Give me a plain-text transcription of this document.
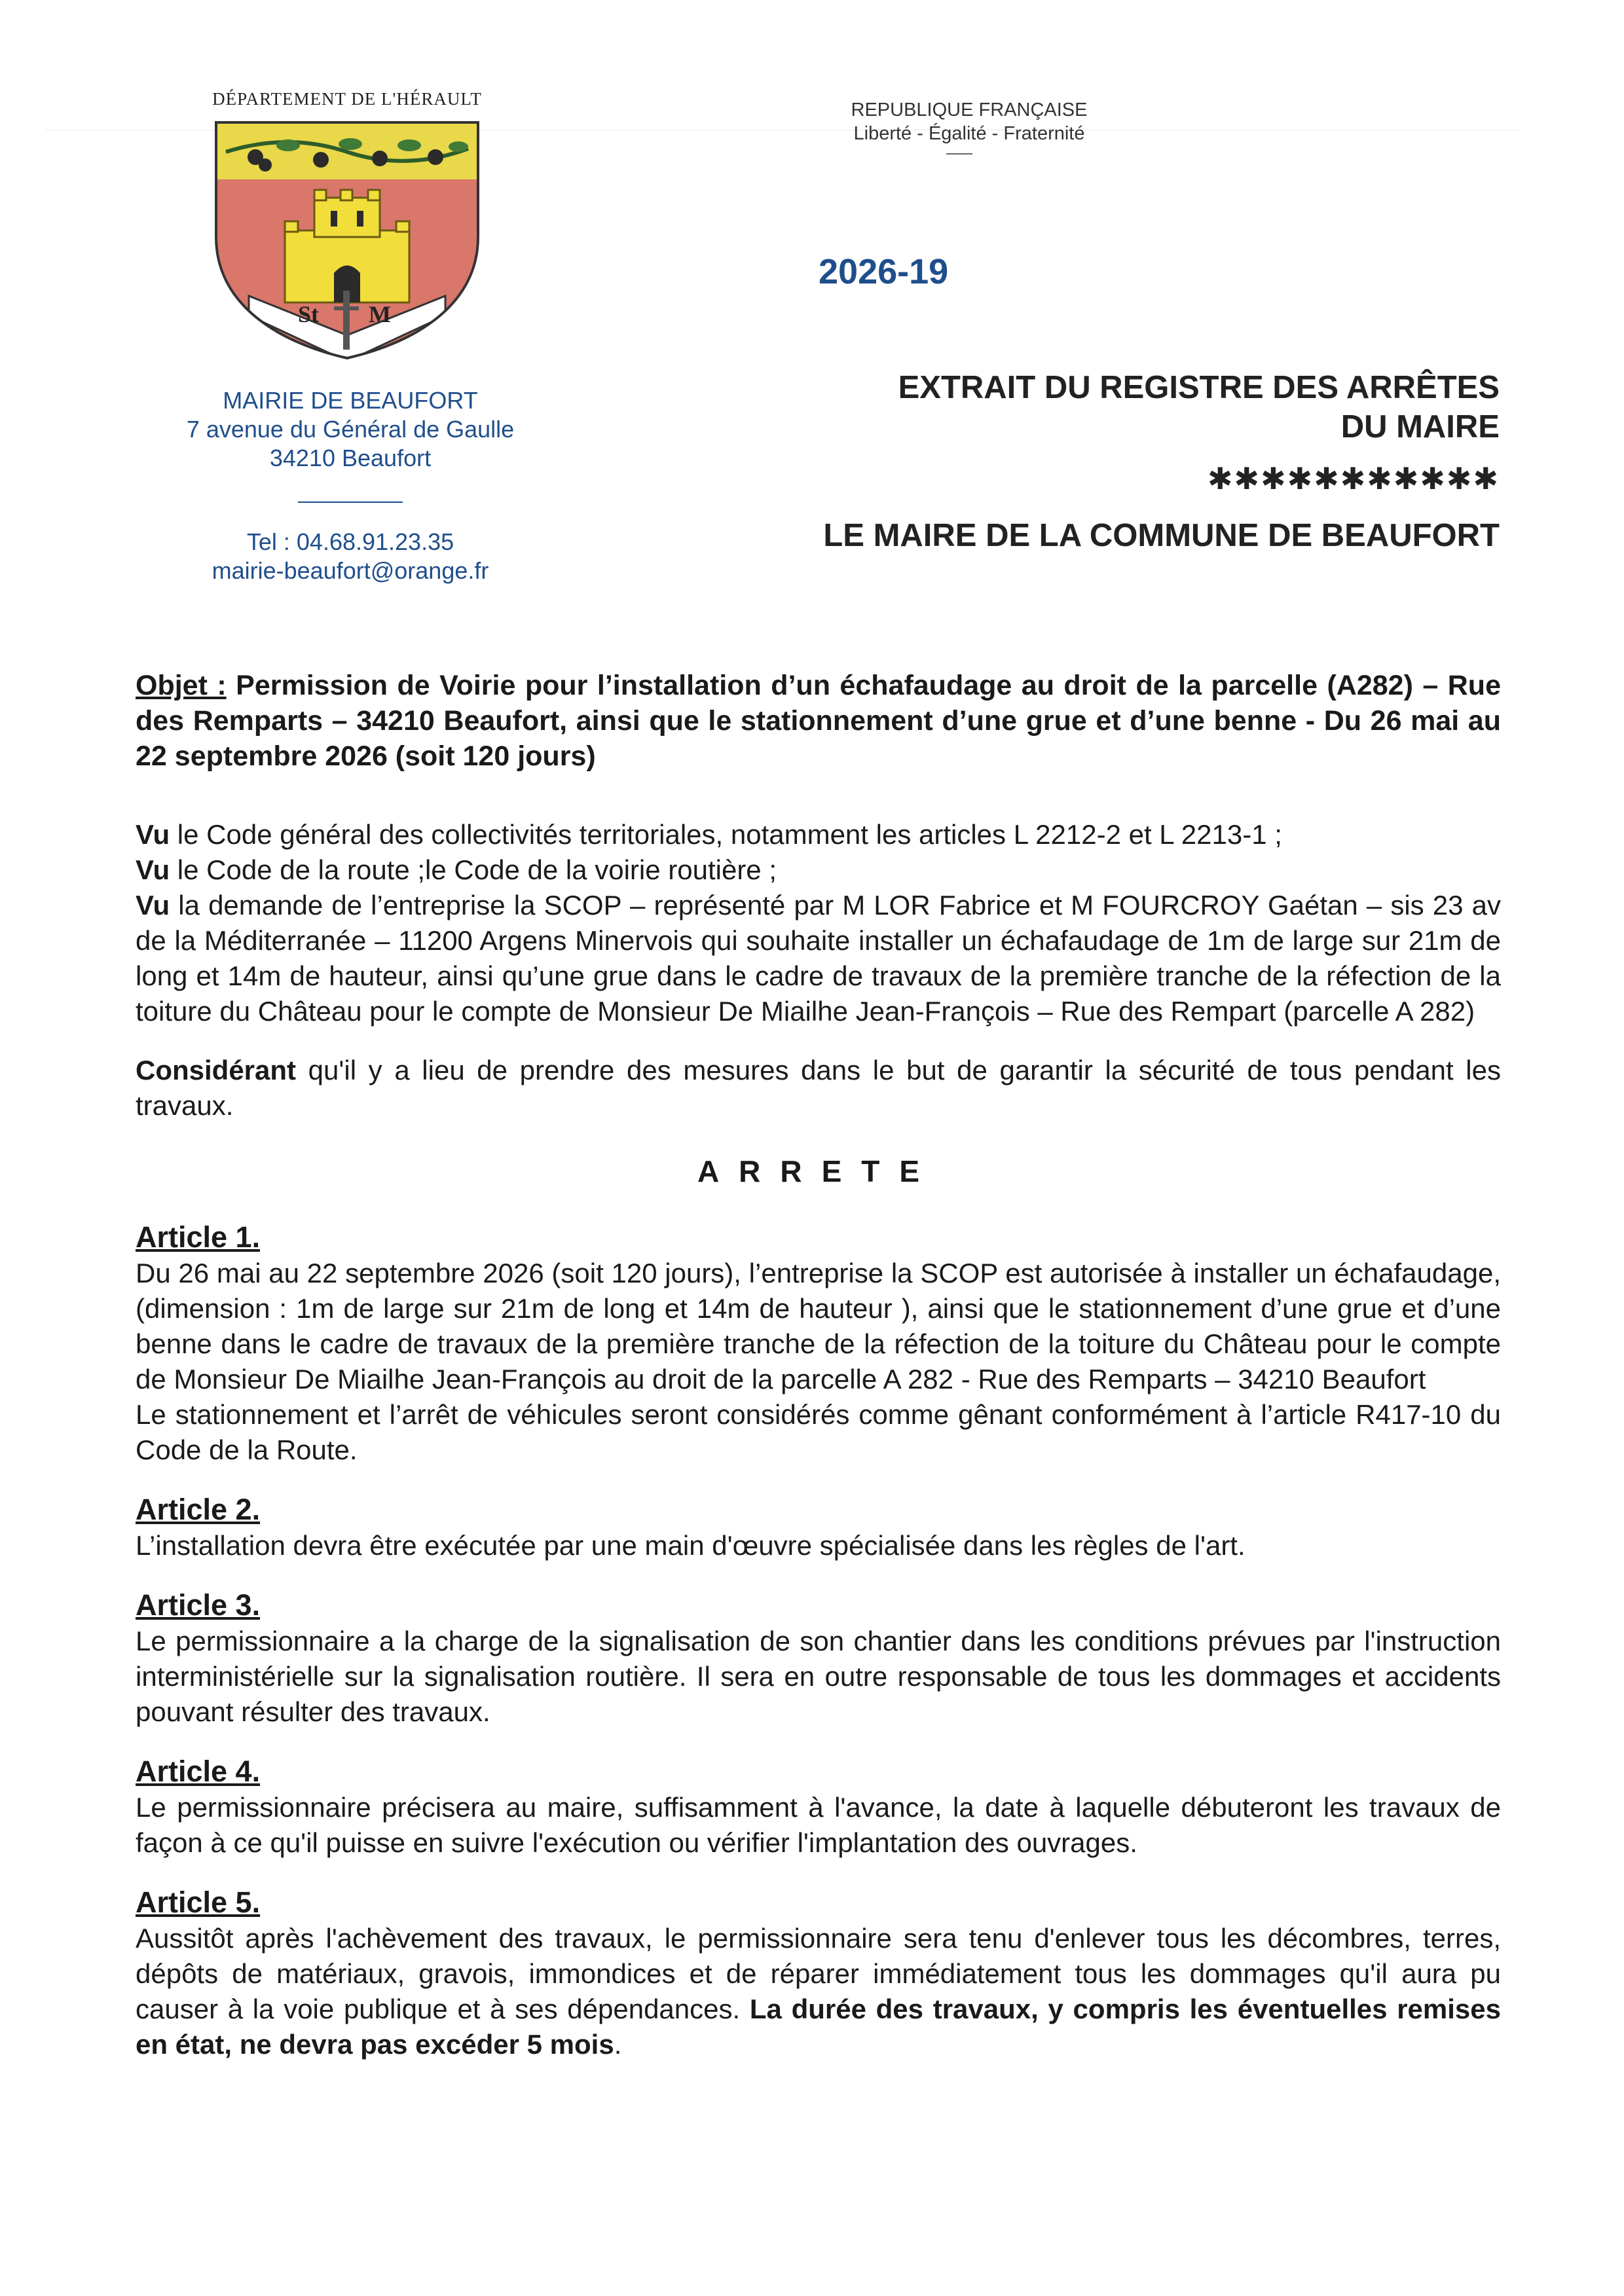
DÉPARTEMENT DE L'HÉRAULT
St M
MAIRIE DE BEAUFORT
7 avenue du Général de Gaulle
34210 Beaufort
Tel : 04.68.91.23.35
mairie-beaufort@orange.fr
REPUBLIQUE FRANÇAISE
Liberté - Égalité - Fraternité
2026-19
EXTRAIT DU REGISTRE DES ARRÊTES
DU MAIRE
✱✱✱✱✱✱✱✱✱✱✱
LE MAIRE DE LA COMMUNE DE BEAUFORT

Objet : Permission de Voirie pour l’installation d’un échafaudage au droit de la parcelle (A282) – Rue des Remparts – 34210 Beaufort, ainsi que le stationnement d’une grue et d’une benne - Du 26 mai au 22 septembre 2026 (soit 120 jours)

Vu le Code général des collectivités territoriales, notamment les articles L 2212-2 et L 2213-1 ;

Vu le Code de la route ;le Code de la voirie routière ;

Vu la demande de l’entreprise la SCOP – représenté par M LOR Fabrice et M FOURCROY Gaétan – sis 23 av de la Méditerranée – 11200 Argens Minervois qui souhaite installer un échafaudage de 1m de large sur 21m de long et 14m de hauteur, ainsi qu’une grue dans le cadre de travaux de la première tranche de la réfection de la toiture du Château pour le compte de Monsieur De Miailhe Jean-François – Rue des Rempart (parcelle A 282)

Considérant qu'il y a lieu de prendre des mesures dans le but de garantir la sécurité de tous pendant les travaux.

ARRETE

Article 1.

Du 26 mai au 22 septembre 2026 (soit 120 jours), l’entreprise la SCOP est autorisée à installer un échafaudage, (dimension : 1m de large sur 21m de long et 14m de hauteur ), ainsi que le stationnement d’une grue et d’une benne dans le cadre de travaux de la première tranche de la réfection de la toiture du Château pour le compte de Monsieur De Miailhe Jean-François au droit de la parcelle A 282 - Rue des Remparts – 34210 Beaufort

Le stationnement et l’arrêt de véhicules seront considérés comme gênant conformément à l’article R417-10 du Code de la Route.

Article 2.

L’installation devra être exécutée par une main d'œuvre spécialisée dans les règles de l'art.

Article 3.

Le permissionnaire a la charge de la signalisation de son chantier dans les conditions prévues par l'instruction interministérielle sur la signalisation routière. Il sera en outre responsable de tous les dommages et accidents pouvant résulter des travaux.

Article 4.

Le permissionnaire précisera au maire, suffisamment à l'avance, la date à laquelle débuteront les travaux de façon à ce qu'il puisse en suivre l'exécution ou vérifier l'implantation des ouvrages.

Article 5.

Aussitôt après l'achèvement des travaux, le permissionnaire sera tenu d'enlever tous les décombres, terres, dépôts de matériaux, gravois, immondices et de réparer immédiatement tous les dommages qu'il aura pu causer à la voie publique et à ses dépendances. La durée des travaux, y compris les éventuelles remises en état, ne devra pas excéder 5 mois.
